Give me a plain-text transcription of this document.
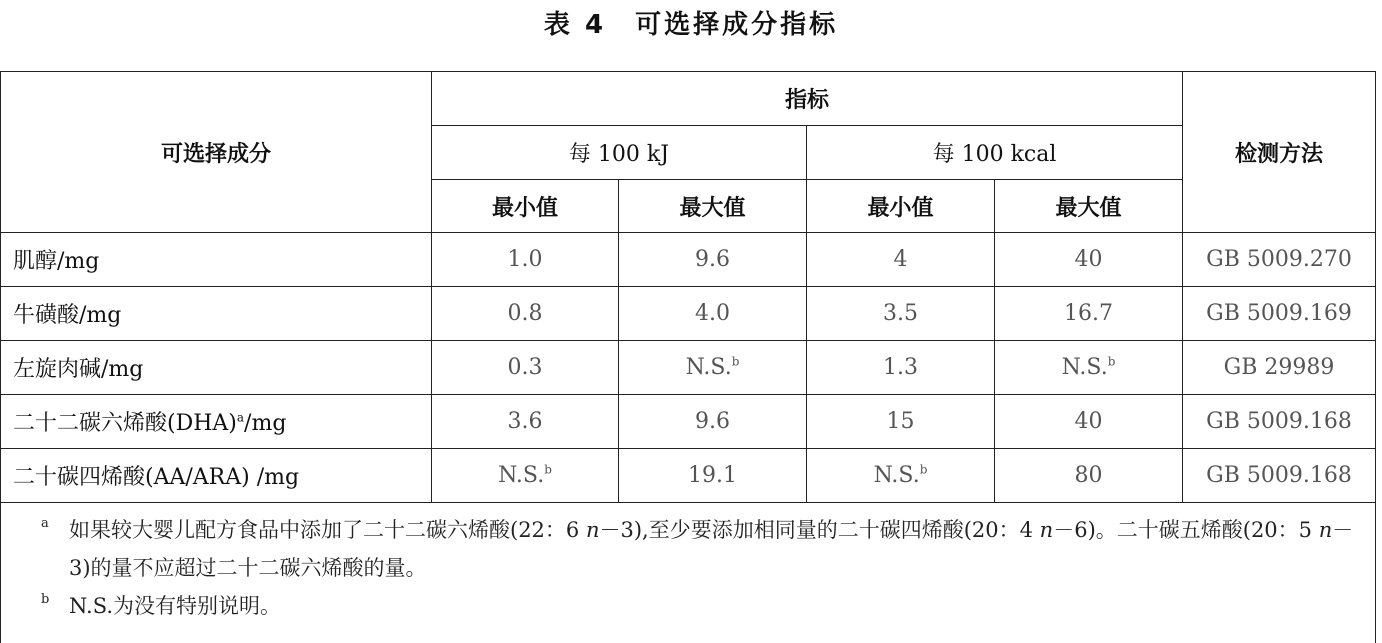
表 4　可选择成分指标
可选择成分	指标				检测方法
	每 100 kJ		每 100 kcal		
	最小值	最大值	最小值	最大值	
肌醇/mg	1.0	9.6	4	40	GB 5009.270
牛磺酸/mg	0.8	4.0	3.5	16.7	GB 5009.169
左旋肉碱/mg	0.3	N.S.$^b$	1.3	N.S.$^b$	GB 29989
二十二碳六烯酸(DHA)$^a$/mg	3.6	9.6	15	40	GB 5009.168
二十碳四烯酸(AA/ARA) /mg	N.S.$^b$	19.1	N.S.$^b$	80	GB 5009.168

a 如果较大婴儿配方食品中添加了二十二碳六烯酸(22：6 n－3),至少要添加相同量的二十碳四烯酸(20：4 n－6)。二十碳五烯酸(20：5 n－3)的量不应超过二十二碳六烯酸的量。
b N.S.为没有特别说明。					
